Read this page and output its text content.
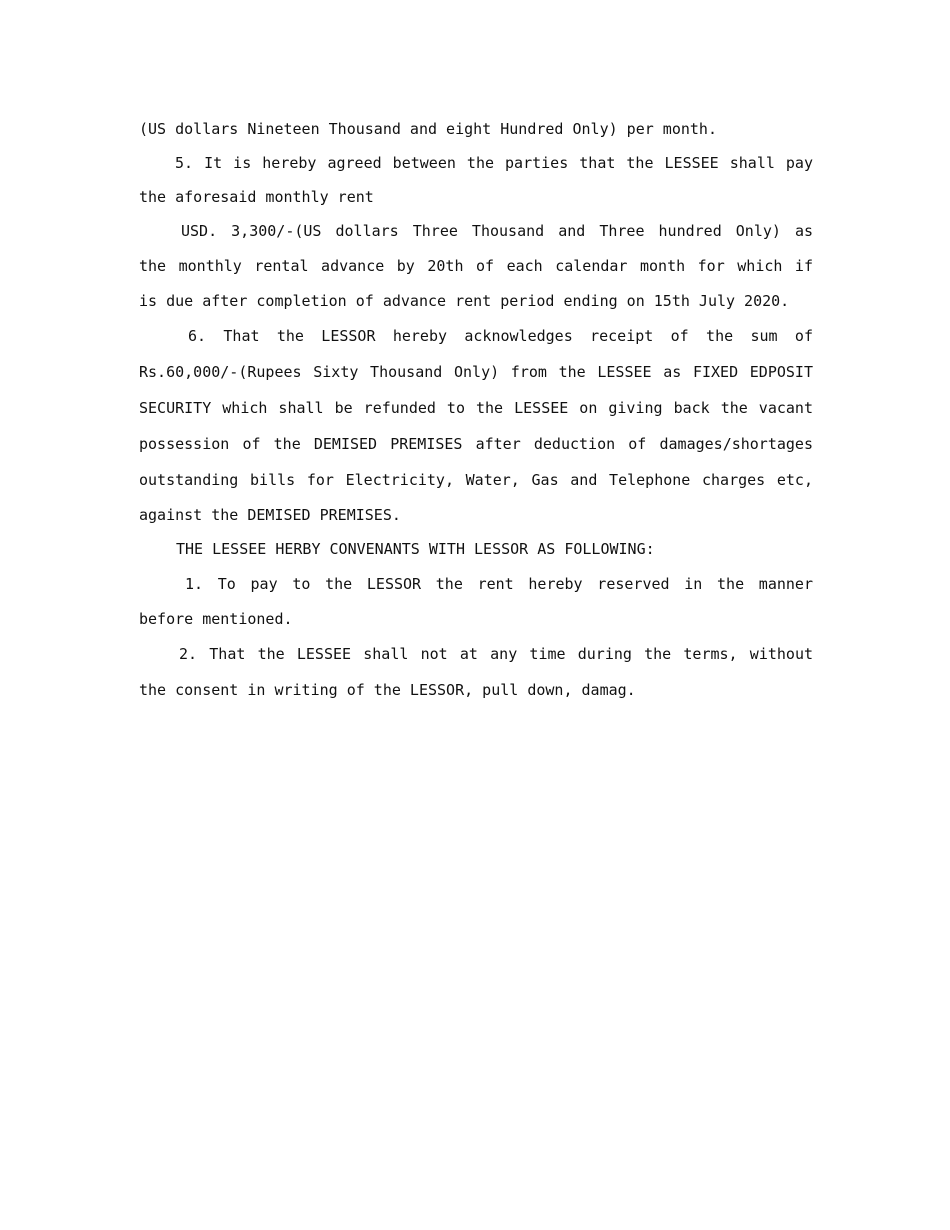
(US dollars Nineteen Thousand and eight Hundred Only) per month.
5. It is hereby agreed between the parties that the LESSEE shall pay
the aforesaid monthly rent
USD. 3,300/-(US dollars Three Thousand and Three hundred Only) as
the monthly rental advance by 20th of each calendar month for which if
is due after completion of advance rent period ending on 15th July 2020.
6. That the LESSOR hereby acknowledges receipt of the sum of
Rs.60,000/-(Rupees Sixty Thousand Only) from the LESSEE as FIXED EDPOSIT
SECURITY which shall be refunded to the LESSEE on giving back the vacant
possession of the DEMISED PREMISES after deduction of damages/shortages
outstanding bills for Electricity, Water, Gas and Telephone charges etc,
against the DEMISED PREMISES.
THE LESSEE HERBY CONVENANTS WITH LESSOR AS FOLLOWING:
1. To pay to the LESSOR the rent hereby reserved in the manner
before mentioned.
2. That the LESSEE shall not at any time during the terms, without
the consent in writing of the LESSOR, pull down, damag.
